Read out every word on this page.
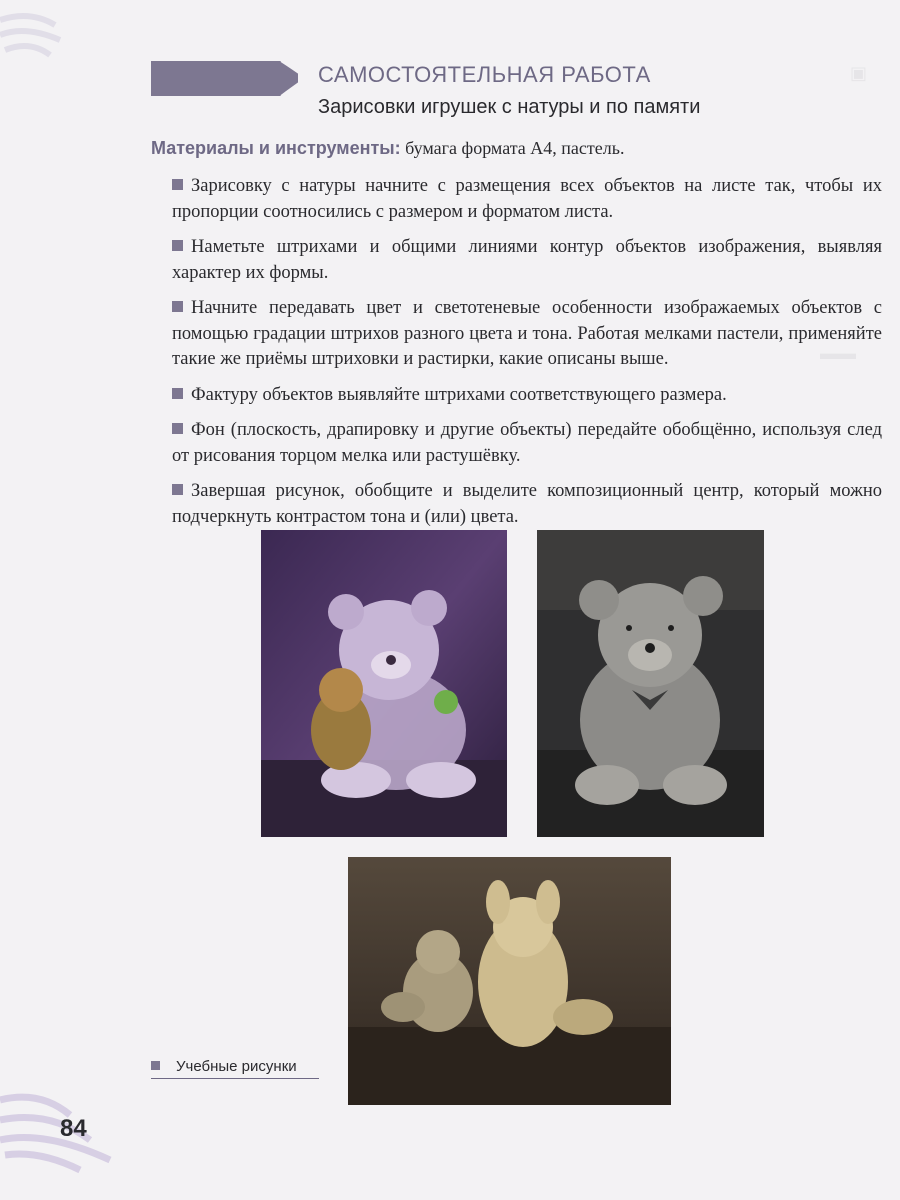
▣
▬▬
САМОСТОЯТЕЛЬНАЯ РАБОТА
Зарисовки игрушек с натуры и по памяти
Материалы и инструменты: бумага формата А4, пастель.

Зарисовку с натуры начните с размещения всех объектов на листе так, чтобы их пропорции соотносились с размером и форматом листа.

Наметьте штрихами и общими линиями контур объектов изображения, выявляя характер их формы.

Начните передавать цвет и светотеневые особенности изображаемых объектов с помощью градации штрихов разного цвета и тона. Работая мелками пастели, применяйте такие же приёмы штриховки и растирки, какие описаны выше.

Фактуру объектов выявляйте штрихами соответствующего размера.

Фон (плоскость, драпировку и другие объекты) передайте обобщённо, используя след от рисования торцом мелка или растушёвку.

Завершая рисунок, обобщите и выделите композиционный центр, который можно подчеркнуть контрастом тона и (или) цвета.

Учебные рисунки
84
